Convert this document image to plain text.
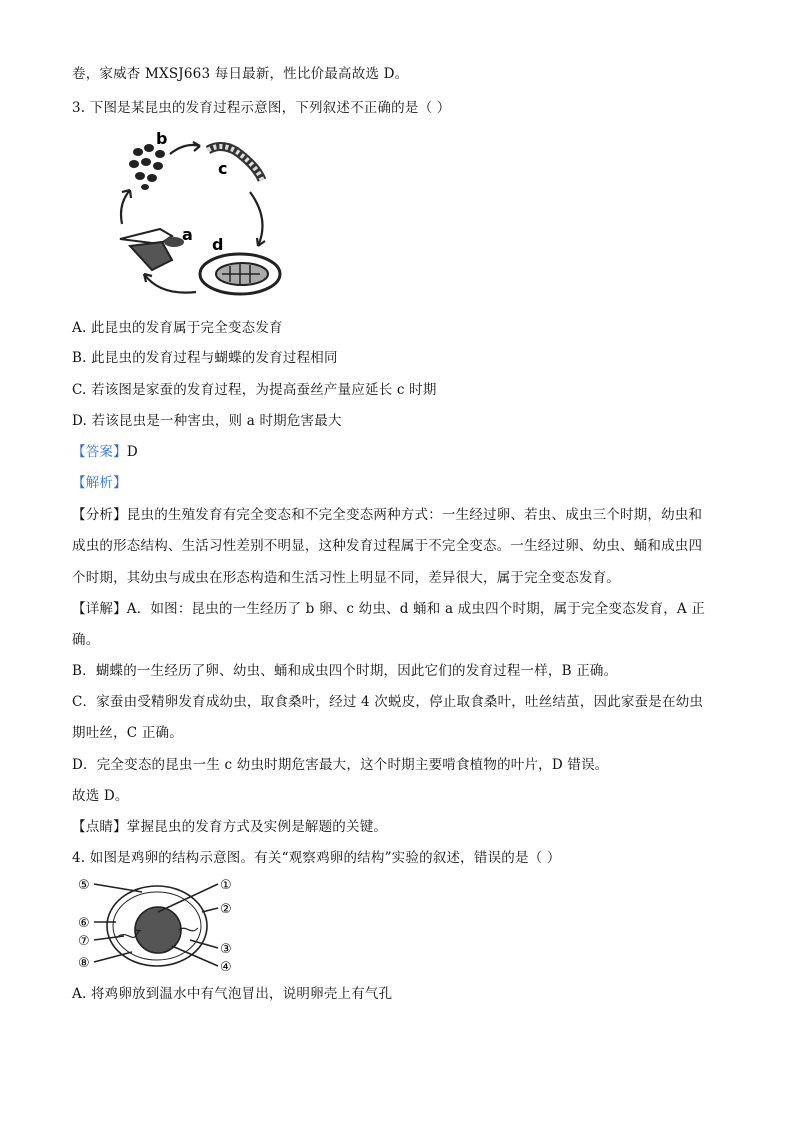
卷，家威杏 MXSJ663 每日最新，性比价最高故选 D。
3. 下图是某昆虫的发育过程示意图，下列叙述不正确的是（ ）
b
c
d
a
A. 此昆虫的发育属于完全变态发育
B. 此昆虫的发育过程与蝴蝶的发育过程相同
C. 若该图是家蚕的发育过程，为提高蚕丝产量应延长 c 时期
D. 若该昆虫是一种害虫，则 a 时期危害最大
【答案】D
【解析】
【分析】昆虫的生殖发育有完全变态和不完全变态两种方式：一生经过卵、若虫、成虫三个时期，幼虫和
成虫的形态结构、生活习性差别不明显，这种发育过程属于不完全变态。一生经过卵、幼虫、蛹和成虫四
个时期，其幼虫与成虫在形态构造和生活习性上明显不同，差异很大，属于完全变态发育。
【详解】A．如图：昆虫的一生经历了 b 卵、c 幼虫、d 蛹和 a 成虫四个时期，属于完全变态发育，A 正
确。
B．蝴蝶的一生经历了卵、幼虫、蛹和成虫四个时期，因此它们的发育过程一样，B 正确。
C．家蚕由受精卵发育成幼虫，取食桑叶，经过 4 次蜕皮，停止取食桑叶，吐丝结茧，因此家蚕是在幼虫
期吐丝，C 正确。
D．完全变态的昆虫一生 c 幼虫时期危害最大，这个时期主要啃食植物的叶片，D 错误。
故选 D。
【点睛】掌握昆虫的发育方式及实例是解题的关键。
4. 如图是鸡卵的结构示意图。有关“观察鸡卵的结构”实验的叙述，错误的是（ ）
⑤	①
②
⑥
⑦
③
⑧	④
A. 将鸡卵放到温水中有气泡冒出，说明卵壳上有气孔
